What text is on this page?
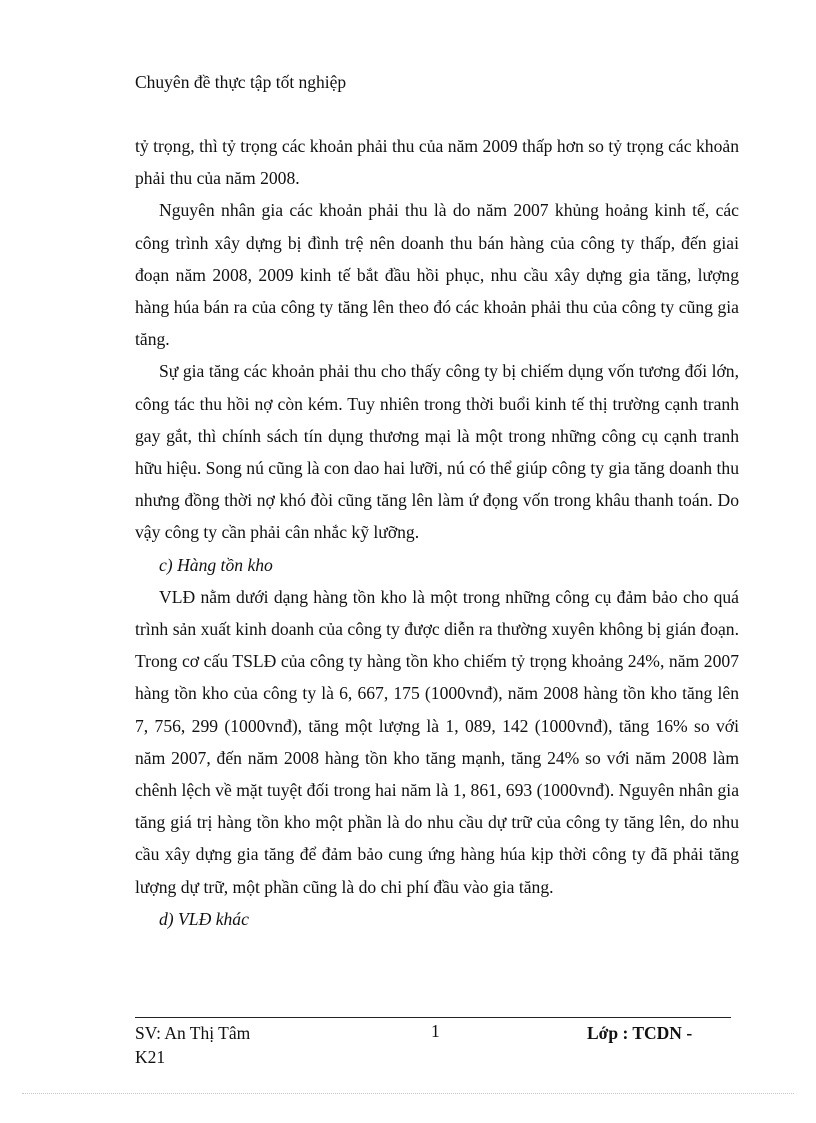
Chuyên đề thực tập tốt nghiệp

tỷ trọng, thì tỷ trọng các khoản phải thu của năm 2009 thấp hơn so tỷ trọng các khoản phải thu của năm 2008.

Nguyên nhân gia các khoản phải thu là do năm 2007 khủng hoảng kinh tế, các công trình xây dựng bị đình trệ nên doanh thu bán hàng của công ty thấp, đến giai đoạn năm 2008, 2009 kinh tế bắt đầu hồi phục, nhu cầu xây dựng gia tăng, lượng hàng húa bán ra của công ty tăng lên theo đó các khoản phải thu của công ty cũng gia tăng.

Sự gia tăng các khoản phải thu cho thấy công ty bị chiếm dụng vốn tương đối lớn, công tác thu hồi nợ còn kém. Tuy nhiên trong thời buổi kinh tế thị trường cạnh tranh gay gắt, thì chính sách tín dụng thương mại là một trong những công cụ cạnh tranh hữu hiệu. Song nú cũng là con dao hai lưỡi, nú có thể giúp công ty gia tăng doanh thu nhưng đồng thời nợ khó đòi cũng tăng lên làm ứ đọng vốn trong khâu thanh toán. Do vậy công ty cần phải cân nhắc kỹ lưỡng.

c) Hàng tồn kho

VLĐ nằm dưới dạng hàng tồn kho là một trong những công cụ đảm bảo cho quá trình sản xuất kinh doanh của công ty được diễn ra thường xuyên không bị gián đoạn. Trong cơ cấu TSLĐ của công ty hàng tồn kho chiếm tỷ trọng khoảng 24%, năm 2007 hàng tồn kho của công ty là 6, 667, 175 (1000vnđ), năm 2008 hàng tồn kho tăng lên 7, 756, 299 (1000vnđ), tăng một lượng là 1, 089, 142 (1000vnđ), tăng 16% so với năm 2007, đến năm 2008 hàng tồn kho tăng mạnh, tăng 24% so với năm 2008 làm chênh lệch về mặt tuyệt đối trong hai năm là 1, 861, 693 (1000vnđ). Nguyên nhân gia tăng giá trị hàng tồn kho một phần là do nhu cầu dự trữ của công ty tăng lên, do nhu cầu xây dựng gia tăng để đảm bảo cung ứng hàng húa kịp thời công ty đã phải tăng lượng dự trữ, một phần cũng là do chi phí đầu vào gia tăng.

d) VLĐ khác

SV: An Thị Tâm K21
1	Lớp : TCDN -
